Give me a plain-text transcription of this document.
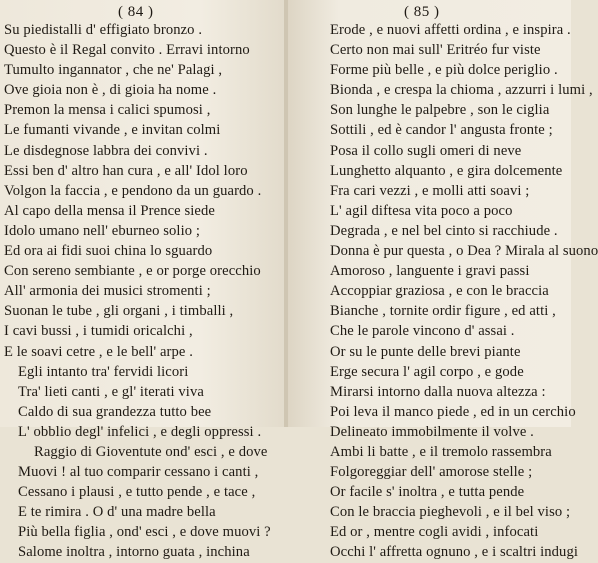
( 84 )
Su piedistalli d' effigiato bronzo .
Questo è il Regal convito . Erravi intorno
Tumulto ingannator , che ne' Palagi ,
Ove gioia non è , di gioia ha nome .
Premon la mensa i calici spumosi ,
Le fumanti vivande , e invitan colmi
Le disdegnose labbra dei convivi .
Essi ben d' altro han cura , e all' Idol loro
Volgon la faccia , e pendono da un guardo .
Al capo della mensa il Prence siede
Idolo umano nell' eburneo solio ;
Ed ora ai fidi suoi china lo sguardo
Con sereno sembiante , e or porge orecchio
All' armonia dei musici stromenti ;
Suonan le tube , gli organi , i timballi ,
I cavi bussi , i tumidi oricalchi ,
E le soavi cetre , e le bell' arpe .
Egli intanto tra' fervidi licori
Tra' lieti canti , e gl' iterati viva
Caldo di sua grandezza tutto bee
L' obblio degl' infelici , e degli oppressi .
Raggio di Gioventute ond' esci , e dove
Muovi ! al tuo comparir cessano i canti ,
Cessano i plausi , e tutto pende , e tace ,
E te rimira . O d' una madre bella
Più bella figlia , ond' esci , e dove muovi ?
Salome inoltra , intorno guata , inchina
( 85 )
Erode , e nuovi affetti ordina , e inspira .
Certo non mai sull' Eritréo fur viste
Forme più belle , e più dolce periglio .
Bionda , e crespa la chioma , azzurri i lumi ,
Son lunghe le palpebre , son le ciglia
Sottili , ed è candor l' angusta fronte ;
Posa il collo sugli omeri di neve
Lunghetto alquanto , e gira dolcemente
Fra cari vezzi , e molli atti soavi ;
L' agil diftesa vita poco a poco
Degrada , e nel bel cinto si racchiude .
Donna è pur questa , o Dea ? Mirala al suono
Amoroso , languente i gravi passi
Accoppiar graziosa , e con le braccia
Bianche , tornite ordir figure , ed atti ,
Che le parole vincono d' assai .
Or su le punte delle brevi piante
Erge secura l' agil corpo , e gode
Mirarsi intorno dalla nuova altezza :
Poi leva il manco piede , ed in un cerchio
Delineato immobilmente il volve .
Ambi li batte , e il tremolo rassembra
Folgoreggiar dell' amorose stelle ;
Or facile s' inoltra , e tutta pende
Con le braccia pieghevoli , e il bel viso ;
Ed or , mentre cogli avidi , infocati
Occhi l' affretta ognuno , e i scaltri indugi
